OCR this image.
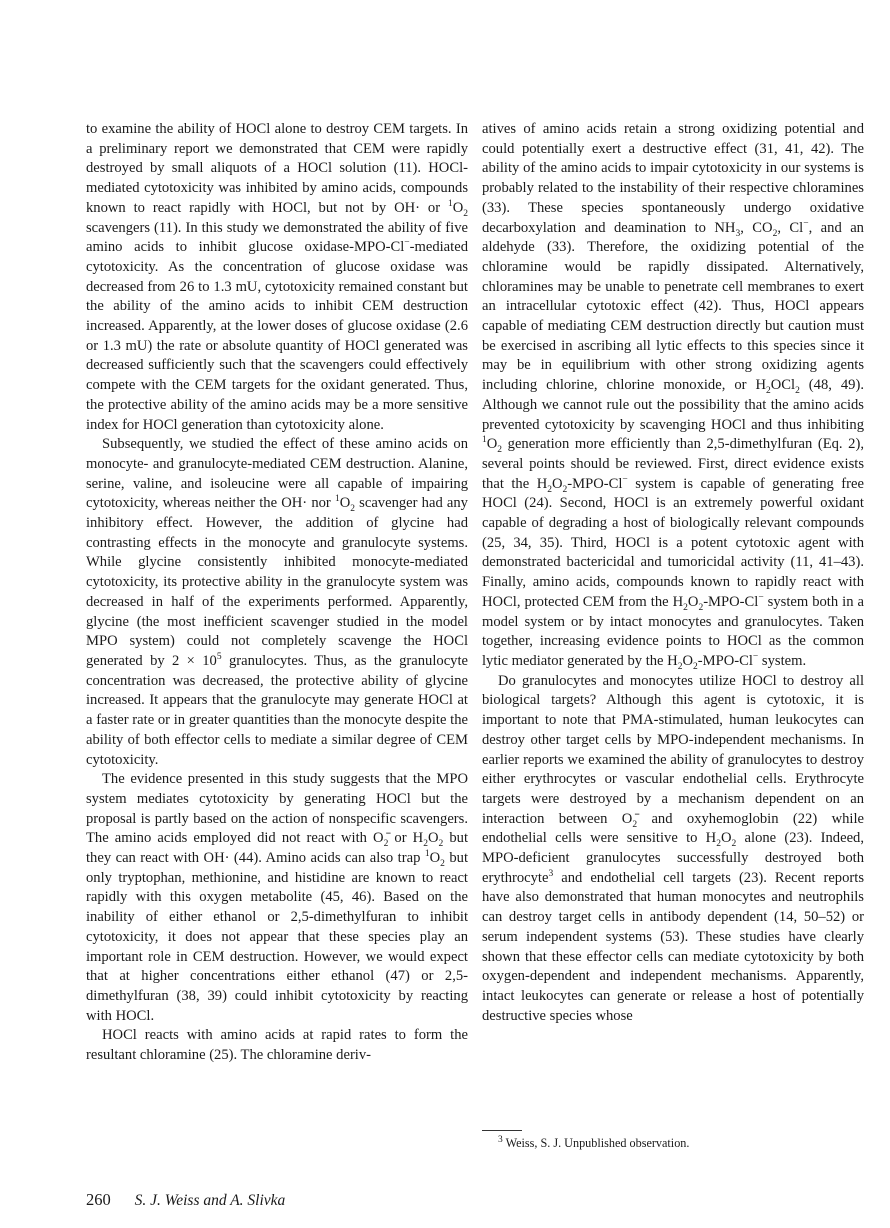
to examine the ability of HOCl alone to destroy CEM targets. In a preliminary report we demonstrated that CEM were rapidly destroyed by small aliquots of a HOCl solution (11). HOCl-mediated cytotoxicity was inhibited by amino acids, compounds known to react rapidly with HOCl, but not by OH· or $^1O_2$ scavengers (11). In this study we demonstrated the ability of five amino acids to inhibit glucose oxidase-MPO-Cl−-mediated cytotoxicity. As the concentration of glucose oxidase was decreased from 26 to 1.3 mU, cytotoxicity remained constant but the ability of the amino acids to inhibit CEM destruction increased. Apparently, at the lower doses of glucose oxidase (2.6 or 1.3 mU) the rate or absolute quantity of HOCl generated was decreased sufficiently such that the scavengers could effectively compete with the CEM targets for the oxidant generated. Thus, the protective ability of the amino acids may be a more sensitive index for HOCl generation than cytotoxicity alone.

Subsequently, we studied the effect of these amino acids on monocyte- and granulocyte-mediated CEM destruction. Alanine, serine, valine, and isoleucine were all capable of impairing cytotoxicity, whereas neither the OH· nor $^1O_2$ scavenger had any inhibitory effect. However, the addition of glycine had contrasting effects in the monocyte and granulocyte systems. While glycine consistently inhibited monocyte-mediated cytotoxicity, its protective ability in the granulocyte system was decreased in half of the experiments performed. Apparently, glycine (the most inefficient scavenger studied in the model MPO system) could not completely scavenge the HOCl generated by $2 \times 10^5$ granulocytes. Thus, as the granulocyte concentration was decreased, the protective ability of glycine increased. It appears that the granulocyte may generate HOCl at a faster rate or in greater quantities than the monocyte despite the ability of both effector cells to mediate a similar degree of CEM cytotoxicity.

The evidence presented in this study suggests that the MPO system mediates cytotoxicity by generating HOCl but the proposal is partly based on the action of nonspecific scavengers. The amino acids employed did not react with $O_2̄$ or $H_2O_2$ but they can react with OH· (44). Amino acids can also trap $^1O_2$ but only tryptophan, methionine, and histidine are known to react rapidly with this oxygen metabolite (45, 46). Based on the inability of either ethanol or 2,5-dimethylfuran to inhibit cytotoxicity, it does not appear that these species play an important role in CEM destruction. However, we would expect that at higher concentrations either ethanol (47) or 2,5-dimethylfuran (38, 39) could inhibit cytotoxicity by reacting with HOCl.

HOCl reacts with amino acids at rapid rates to form the resultant chloramine (25). The chloramine deriv-

atives of amino acids retain a strong oxidizing potential and could potentially exert a destructive effect (31, 41, 42). The ability of the amino acids to impair cytotoxicity in our systems is probably related to the instability of their respective chloramines (33). These species spontaneously undergo oxidative decarboxylation and deamination to $NH_3$, $CO_2$, Cl−, and an aldehyde (33). Therefore, the oxidizing potential of the chloramine would be rapidly dissipated. Alternatively, chloramines may be unable to penetrate cell membranes to exert an intracellular cytotoxic effect (42). Thus, HOCl appears capable of mediating CEM destruction directly but caution must be exercised in ascribing all lytic effects to this species since it may be in equilibrium with other strong oxidizing agents including chlorine, chlorine monoxide, or $H_2OCl_2$ (48, 49). Although we cannot rule out the possibility that the amino acids prevented cytotoxicity by scavenging HOCl and thus inhibiting $^1O_2$ generation more efficiently than 2,5-dimethylfuran (Eq. 2), several points should be reviewed. First, direct evidence exists that the $H_2O_2-MPO-Cl^-$ system is capable of generating free HOCl (24). Second, HOCl is an extremely powerful oxidant capable of degrading a host of biologically relevant compounds (25, 34, 35). Third, HOCl is a potent cytotoxic agent with demonstrated bactericidal and tumoricidal activity (11, 41–43). Finally, amino acids, compounds known to rapidly react with HOCl, protected CEM from the $H_2O_2-MPO-Cl^-$ system both in a model system or by intact monocytes and granulocytes. Taken together, increasing evidence points to HOCl as the common lytic mediator generated by the $H_2O_2-MPO-Cl^-$ system.

Do granulocytes and monocytes utilize HOCl to destroy all biological targets? Although this agent is cytotoxic, it is important to note that PMA-stimulated, human leukocytes can destroy other target cells by MPO-independent mechanisms. In earlier reports we examined the ability of granulocytes to destroy either erythrocytes or vascular endothelial cells. Erythrocyte targets were destroyed by a mechanism dependent on an interaction between $O_2̄$ and oxyhemoglobin (22) while endothelial cells were sensitive to $H_2O_2$ alone (23). Indeed, MPO-deficient granulocytes successfully destroyed both erythrocyte$^3$ and endothelial cell targets (23). Recent reports have also demonstrated that human monocytes and neutrophils can destroy target cells in antibody dependent (14, 50–52) or serum independent systems (53). These studies have clearly shown that these effector cells can mediate cytotoxicity by both oxygen-dependent and independent mechanisms. Apparently, intact leukocytes can generate or release a host of potentially destructive species whose

$^3$ Weiss, S. J. Unpublished observation.
260 S. J. Weiss and A. Slivka
